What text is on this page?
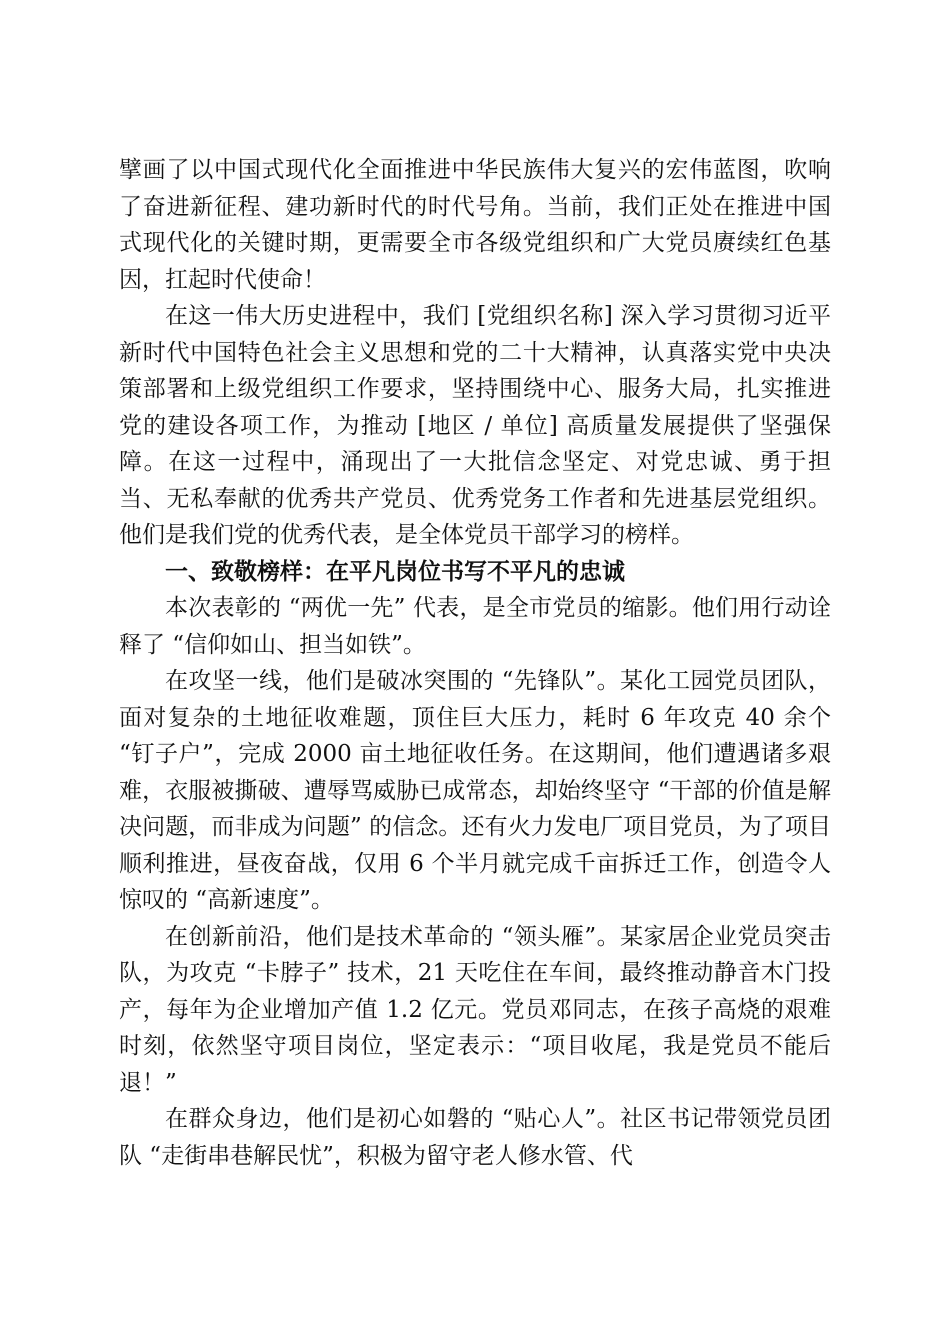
擘画了以中国式现代化全面推进中华民族伟大复兴的宏伟蓝图，吹响了奋进新征程、建功新时代的时代号角。当前，我们正处在推进中国式现代化的关键时期，更需要全市各级党组织和广大党员赓续红色基因，扛起时代使命！

在这一伟大历史进程中，我们 [党组织名称] 深入学习贯彻习近平新时代中国特色社会主义思想和党的二十大精神，认真落实党中央决策部署和上级党组织工作要求，坚持围绕中心、服务大局，扎实推进党的建设各项工作，为推动 [地区 / 单位] 高质量发展提供了坚强保障。在这一过程中，涌现出了一大批信念坚定、对党忠诚、勇于担当、无私奉献的优秀共产党员、优秀党务工作者和先进基层党组织。他们是我们党的优秀代表，是全体党员干部学习的榜样。

一、致敬榜样：在平凡岗位书写不平凡的忠诚

本次表彰的 “两优一先” 代表，是全市党员的缩影。他们用行动诠释了 “信仰如山、担当如铁”。

在攻坚一线，他们是破冰突围的 “先锋队”。某化工园党员团队，面对复杂的土地征收难题，顶住巨大压力，耗时 6 年攻克 40 余个 “钉子户”，完成 2000 亩土地征收任务。在这期间，他们遭遇诸多艰难，衣服被撕破、遭辱骂威胁已成常态，却始终坚守 “干部的价值是解决问题，而非成为问题” 的信念。还有火力发电厂项目党员，为了项目顺利推进，昼夜奋战，仅用 6 个半月就完成千亩拆迁工作，创造令人惊叹的 “高新速度”。

在创新前沿，他们是技术革命的 “领头雁”。某家居企业党员突击队，为攻克 “卡脖子” 技术，21 天吃住在车间，最终推动静音木门投产，每年为企业增加产值 1.2 亿元。党员邓同志，在孩子高烧的艰难时刻，依然坚守项目岗位，坚定表示：“项目收尾，我是党员不能后退！”

在群众身边，他们是初心如磐的 “贴心人”。社区书记带领党员团队 “走街串巷解民忧”，积极为留守老人修水管、代
